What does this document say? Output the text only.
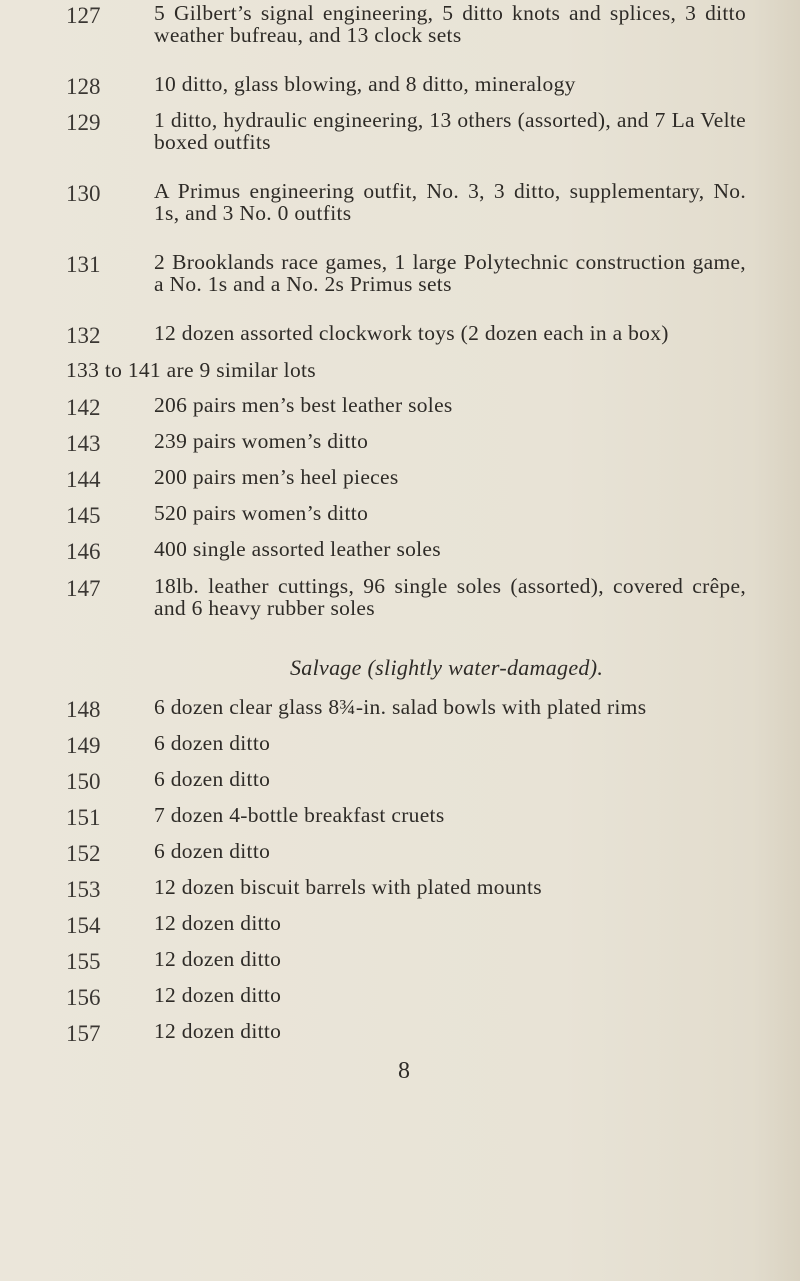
127	5 Gilbert’s signal engineering, 5 ditto knots and splices, 3 ditto weather bufreau, and 13 clock sets
128	10 ditto, glass blowing, and 8 ditto, mineralogy
129	1 ditto, hydraulic engineering, 13 others (assorted), and 7 La Velte boxed outfits
130	A Primus engineering outfit, No. 3, 3 ditto, supplementary, No. 1s, and 3 No. 0 outfits
131	2 Brooklands race games, 1 large Polytechnic construction game, a No. 1s and a No. 2s Primus sets
132	12 dozen assorted clockwork toys (2 dozen each in a box)
133 to 141 are 9 similar lots
142	206 pairs men’s best leather soles
143	239 pairs women’s ditto
144	200 pairs men’s heel pieces
145	520 pairs women’s ditto
146	400 single assorted leather soles
147	18lb. leather cuttings, 96 single soles (assorted), covered crêpe, and 6 heavy rubber soles
Salvage (slightly water-damaged).
148	6 dozen clear glass 8¾-in. salad bowls with plated rims
149	6 dozen ditto
150	6 dozen ditto
151	7 dozen 4-bottle breakfast cruets
152	6 dozen ditto
153	12 dozen biscuit barrels with plated mounts
154	12 dozen ditto
155	12 dozen ditto
156	12 dozen ditto
157	12 dozen ditto
8
